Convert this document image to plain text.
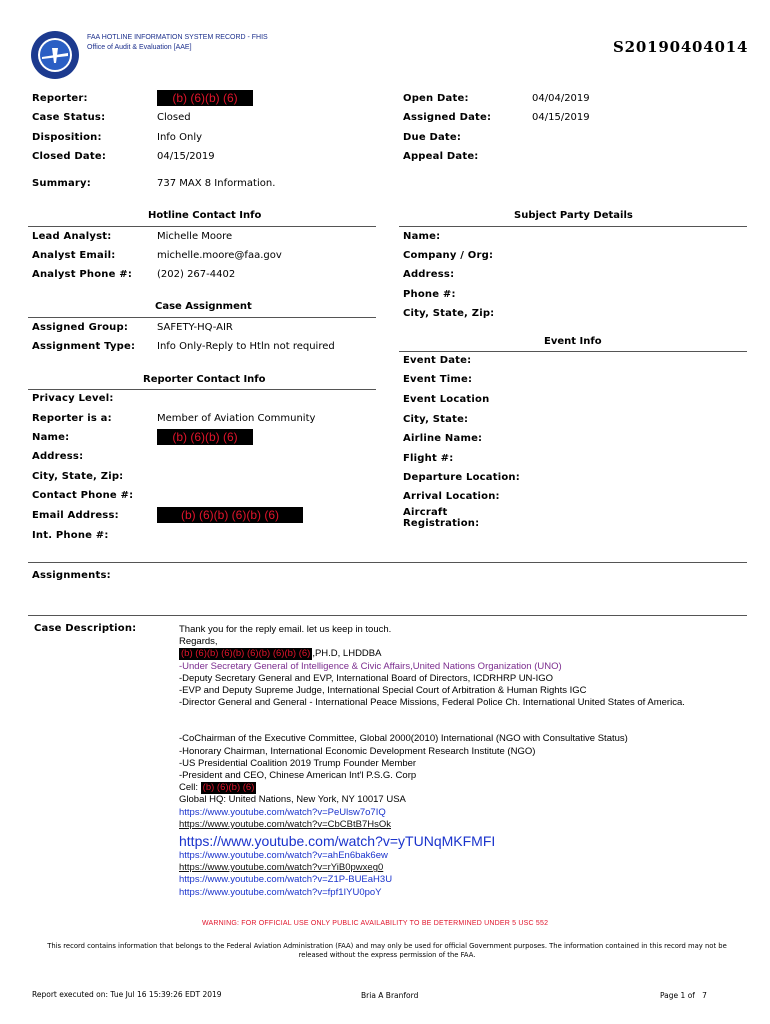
FAA HOTLINE INFORMATION SYSTEM RECORD - FHIS
Office of Audit & Evaluation [AAE]	S20190404014
Reporter:	(b) (6)(b) (6)
Case Status:	Closed
Disposition:	Info Only
Closed Date:	04/15/2019
Open Date:	04/04/2019
Assigned Date:	04/15/2019
Due Date:
Appeal Date:
Summary:	737 MAX 8 Information.
Hotline Contact Info
Lead Analyst:	Michelle Moore
Analyst Email:	michelle.moore@faa.gov
Analyst Phone #: (202) 267-4402
Case Assignment
Assigned Group:	SAFETY-HQ-AIR
Assignment Type: Info Only-Reply to Htln not required
Reporter Contact Info
Privacy Level:
Reporter is a:	Member of Aviation Community
Name:	(b) (6)(b) (6)
Address:
City, State, Zip:
Contact Phone #:
Email Address:	(b) (6)(b) (6)(b) (6)
Int. Phone #:
Subject Party Details
Name:
Company / Org:
Address:
Phone #:
City, State, Zip:
Event Info
Event Date:
Event Time:
Event Location
City, State:
Airline Name:
Flight #:
Departure Location:
Arrival Location:
Aircraft
Registration:
Assignments:
Case Description:	Thank you for the reply email. let us keep in touch.
Regards,
(b) (6)(b) (6)(b) (6)(b) (6)(b) (6) ,PH.D, LHDDBA
-Under Secretary General of Intelligence & Civic Affairs,United Nations Organization (UNO)
-Deputy Secretary General and EVP, International Board of Directors, ICDRHRP UN-IGO
-EVP and Deputy Supreme Judge, International Special Court of Arbitration & Human Rights IGC
-Director General and General - International Peace Missions, Federal Police Ch. International United States of America.
-CoChairman of the Executive Committee, Global 2000(2010) International (NGO with Consultative Status)
-Honorary Chairman, International Economic Development Research Institute (NGO)
-US Presidential Coalition 2019 Trump Founder Member
-President and CEO, Chinese American Int'l P.S.G. Corp
Cell: (b) (6)(b) (6)
Global HQ: United Nations, New York, NY 10017 USA
https://www.youtube.com/watch?v=PeUlsw7o7IQ
https://www.youtube.com/watch?v=CbCBtB7HsOk
https://www.youtube.com/watch?v=yTUNqMKFMFI
https://www.youtube.com/watch?v=ahEn6bak6ew
https://www.youtube.com/watch?v=rYiB0pwxeg0
https://www.youtube.com/watch?v=Z1P-BUEaH3U
https://www.youtube.com/watch?v=fpf1IYU0poY
WARNING: FOR OFFICIAL USE ONLY PUBLIC AVAILABILITY TO BE DETERMINED UNDER 5 USC 552
This record contains information that belongs to the Federal Aviation Administration (FAA) and may only be used for official Government purposes. The information contained in this record may not be released without the express permission of the FAA.
Report executed on: Tue Jul 16 15:39:26 EDT 2019	Bria A Branford	Page 1 of   7
